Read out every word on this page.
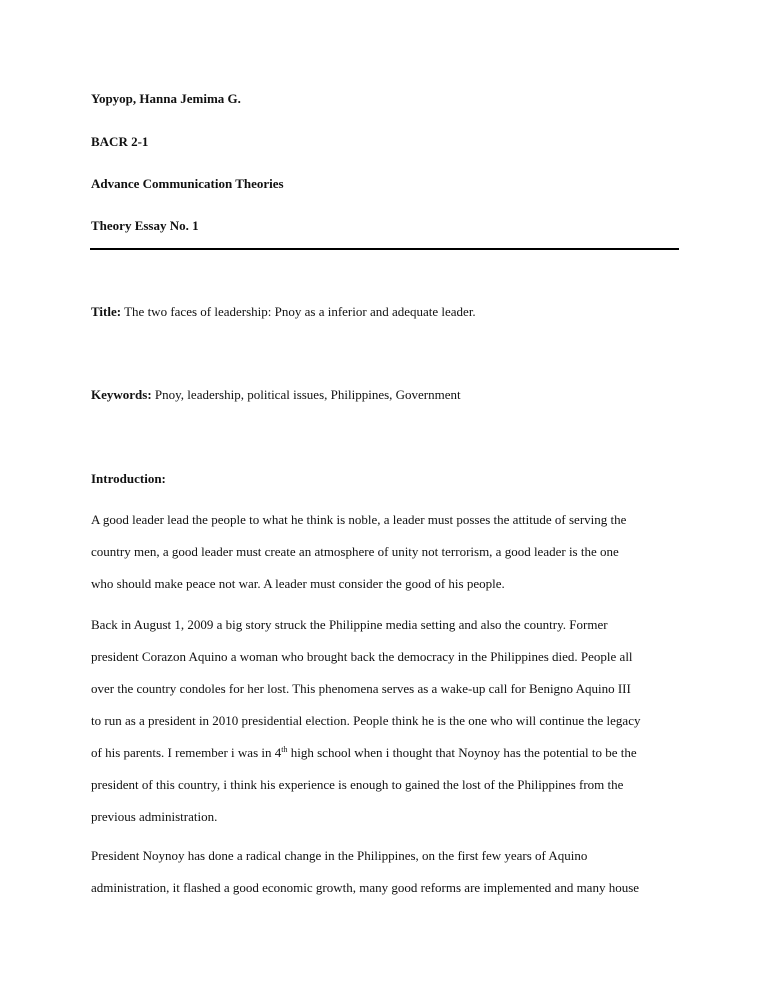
Yopyop, Hanna Jemima G.
BACR 2-1
Advance Communication Theories
Theory Essay No. 1
Title: The two faces of leadership: Pnoy as a inferior and adequate leader.
Keywords: Pnoy, leadership, political issues, Philippines, Government
Introduction:
A good leader lead the people to what he think is noble, a leader must posses the attitude of serving the
country men, a good leader must create an atmosphere of unity not terrorism, a good leader is the one
who should make peace not war. A leader must consider the good of his people.
Back in August 1, 2009 a big story struck the Philippine media setting and also the country. Former
president Corazon Aquino a woman who brought back the democracy in the Philippines died. People all
over the country condoles for her lost. This phenomena serves as a wake-up call for Benigno Aquino III
to run as a president in 2010 presidential election. People think he is the one who will continue the legacy
of his parents. I remember i was in 4th high school when i thought that Noynoy has the potential to be the
president of this country, i think his experience is enough to gained the lost of the Philippines from the
previous administration.
President Noynoy has done a radical change in the Philippines, on the first few years of Aquino
administration, it flashed a good economic growth, many good reforms are implemented and many house
